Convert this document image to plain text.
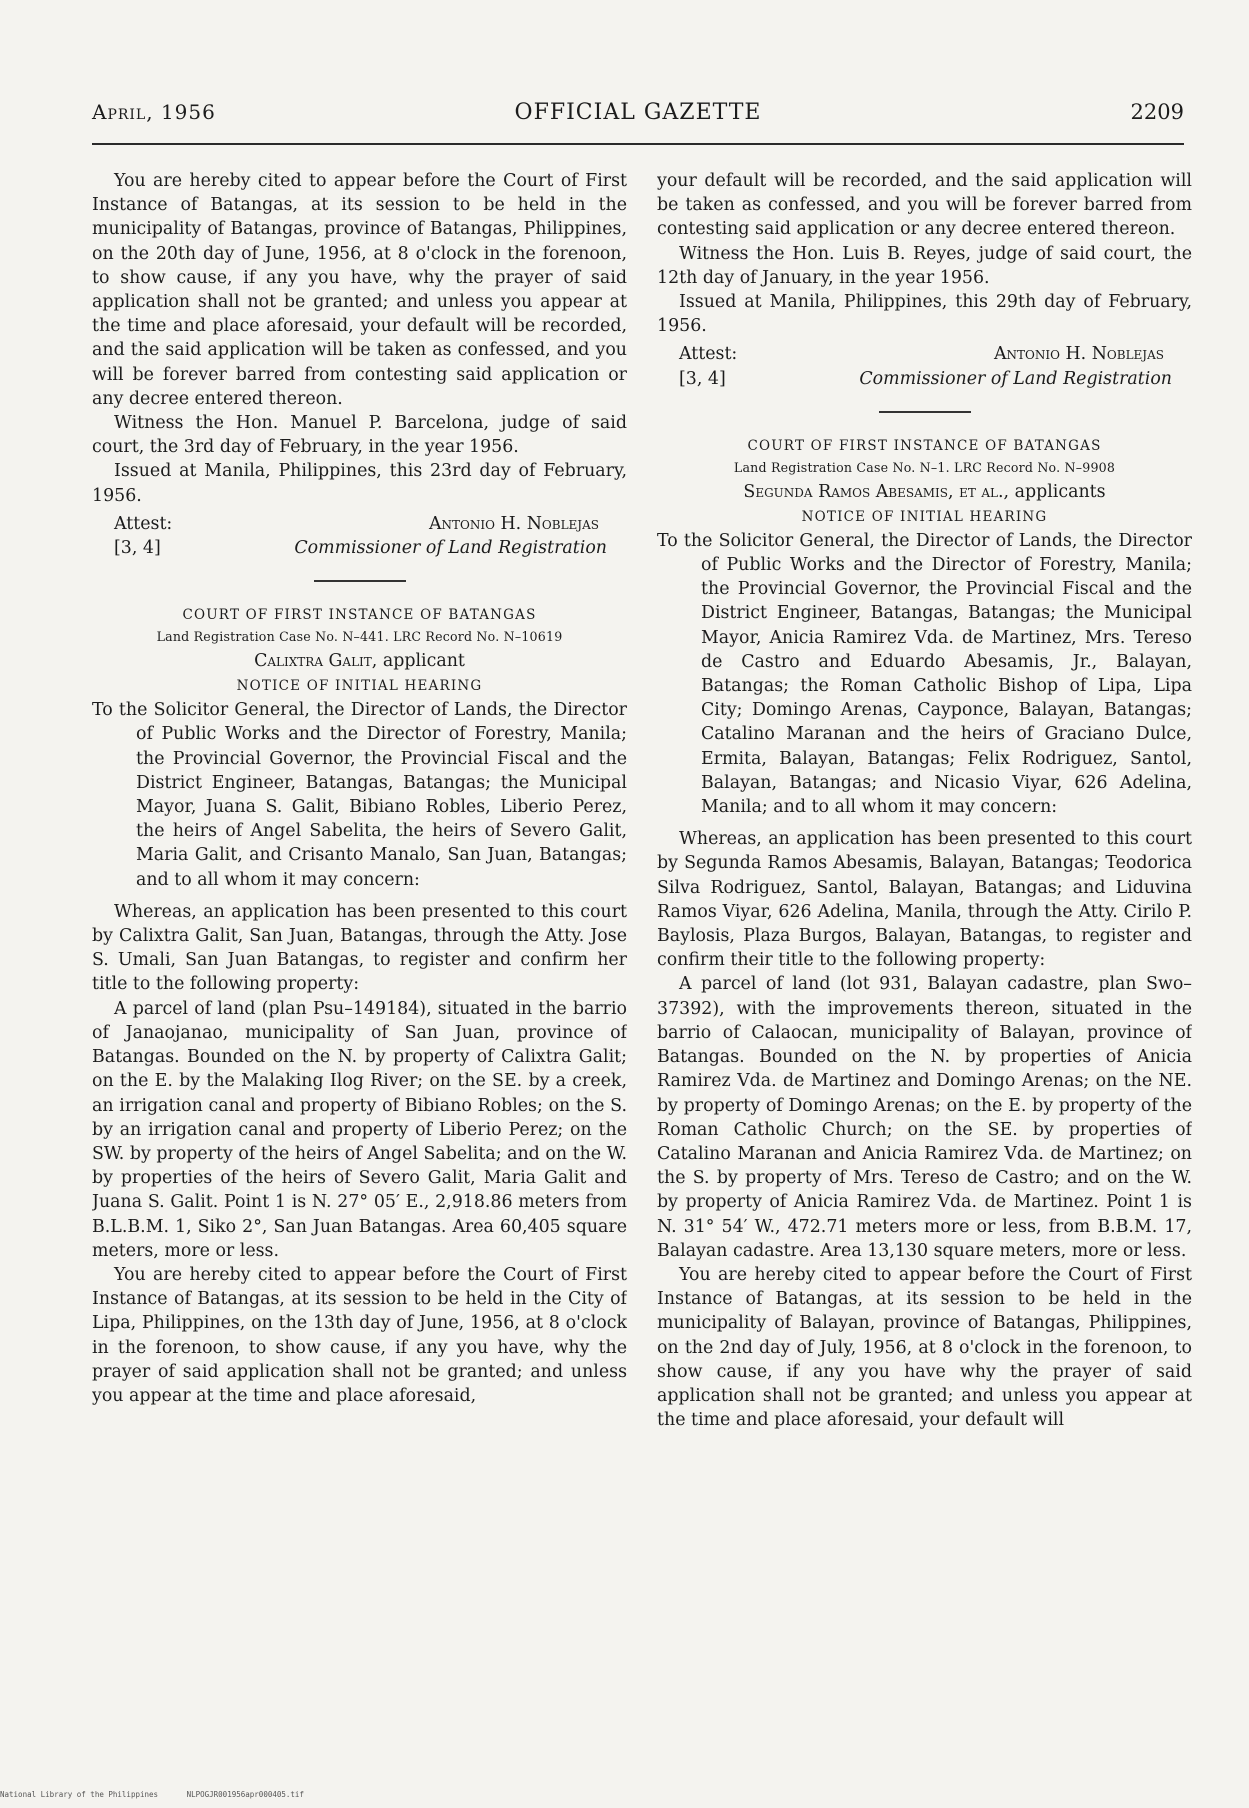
April, 1956	OFFICIAL GAZETTE	2209

You are hereby cited to appear before the Court of First Instance of Batangas, at its session to be held in the municipality of Batangas, province of Batangas, Philippines, on the 20th day of June, 1956, at 8 o'clock in the forenoon, to show cause, if any you have, why the prayer of said application shall not be granted; and unless you appear at the time and place aforesaid, your default will be recorded, and the said application will be taken as confessed, and you will be forever barred from contesting said application or any decree entered thereon.

Witness the Hon. Manuel P. Barcelona, judge of said court, the 3rd day of February, in the year 1956.

Issued at Manila, Philippines, this 23rd day of February, 1956.

Attest:	Antonio H. Noblejas
[3, 4]	Commissioner of Land Registration
COURT OF FIRST INSTANCE OF BATANGAS
Land Registration Case No. N–441. LRC Record No. N–10619
Calixtra Galit, applicant
NOTICE OF INITIAL HEARING

To the Solicitor General, the Director of Lands, the Director of Public Works and the Director of Forestry, Manila; the Provincial Governor, the Provincial Fiscal and the District Engineer, Batangas, Batangas; the Municipal Mayor, Juana S. Galit, Bibiano Robles, Liberio Perez, the heirs of Angel Sabelita, the heirs of Severo Galit, Maria Galit, and Crisanto Manalo, San Juan, Batangas; and to all whom it may concern:

Whereas, an application has been presented to this court by Calixtra Galit, San Juan, Batangas, through the Atty. Jose S. Umali, San Juan Batangas, to register and confirm her title to the following property:

A parcel of land (plan Psu–149184), situated in the barrio of Janaojanao, municipality of San Juan, province of Batangas. Bounded on the N. by property of Calixtra Galit; on the E. by the Malaking Ilog River; on the SE. by a creek, an irrigation canal and property of Bibiano Robles; on the S. by an irrigation canal and property of Liberio Perez; on the SW. by property of the heirs of Angel Sabelita; and on the W. by properties of the heirs of Severo Galit, Maria Galit and Juana S. Galit. Point 1 is N. 27° 05′ E., 2,918.86 meters from B.L.B.M. 1, Siko 2°, San Juan Batangas. Area 60,405 square meters, more or less.

You are hereby cited to appear before the Court of First Instance of Batangas, at its session to be held in the City of Lipa, Philippines, on the 13th day of June, 1956, at 8 o'clock in the forenoon, to show cause, if any you have, why the prayer of said application shall not be granted; and unless you appear at the time and place aforesaid,

your default will be recorded, and the said application will be taken as confessed, and you will be forever barred from contesting said application or any decree entered thereon.

Witness the Hon. Luis B. Reyes, judge of said court, the 12th day of January, in the year 1956.

Issued at Manila, Philippines, this 29th day of February, 1956.

Attest:	Antonio H. Noblejas
[3, 4]	Commissioner of Land Registration
COURT OF FIRST INSTANCE OF BATANGAS
Land Registration Case No. N–1. LRC Record No. N–9908
Segunda Ramos Abesamis, et al., applicants
NOTICE OF INITIAL HEARING

To the Solicitor General, the Director of Lands, the Director of Public Works and the Director of Forestry, Manila; the Provincial Governor, the Provincial Fiscal and the District Engineer, Batangas, Batangas; the Municipal Mayor, Anicia Ramirez Vda. de Martinez, Mrs. Tereso de Castro and Eduardo Abesamis, Jr., Balayan, Batangas; the Roman Catholic Bishop of Lipa, Lipa City; Domingo Arenas, Cayponce, Balayan, Batangas; Catalino Maranan and the heirs of Graciano Dulce, Ermita, Balayan, Batangas; Felix Rodriguez, Santol, Balayan, Batangas; and Nicasio Viyar, 626 Adelina, Manila; and to all whom it may concern:

Whereas, an application has been presented to this court by Segunda Ramos Abesamis, Balayan, Batangas; Teodorica Silva Rodriguez, Santol, Balayan, Batangas; and Liduvina Ramos Viyar, 626 Adelina, Manila, through the Atty. Cirilo P. Baylosis, Plaza Burgos, Balayan, Batangas, to register and confirm their title to the following property:

A parcel of land (lot 931, Balayan cadastre, plan Swo–37392), with the improvements thereon, situated in the barrio of Calaocan, municipality of Balayan, province of Batangas. Bounded on the N. by properties of Anicia Ramirez Vda. de Martinez and Domingo Arenas; on the NE. by property of Domingo Arenas; on the E. by property of the Roman Catholic Church; on the SE. by properties of Catalino Maranan and Anicia Ramirez Vda. de Martinez; on the S. by property of Mrs. Tereso de Castro; and on the W. by property of Anicia Ramirez Vda. de Martinez. Point 1 is N. 31° 54′ W., 472.71 meters more or less, from B.B.M. 17, Balayan cadastre. Area 13,130 square meters, more or less.

You are hereby cited to appear before the Court of First Instance of Batangas, at its session to be held in the municipality of Balayan, province of Batangas, Philippines, on the 2nd day of July, 1956, at 8 o'clock in the forenoon, to show cause, if any you have why the prayer of said application shall not be granted; and unless you appear at the time and place aforesaid, your default will

National Library of the Philippines	NLPOGJR001956apr000405.tif
